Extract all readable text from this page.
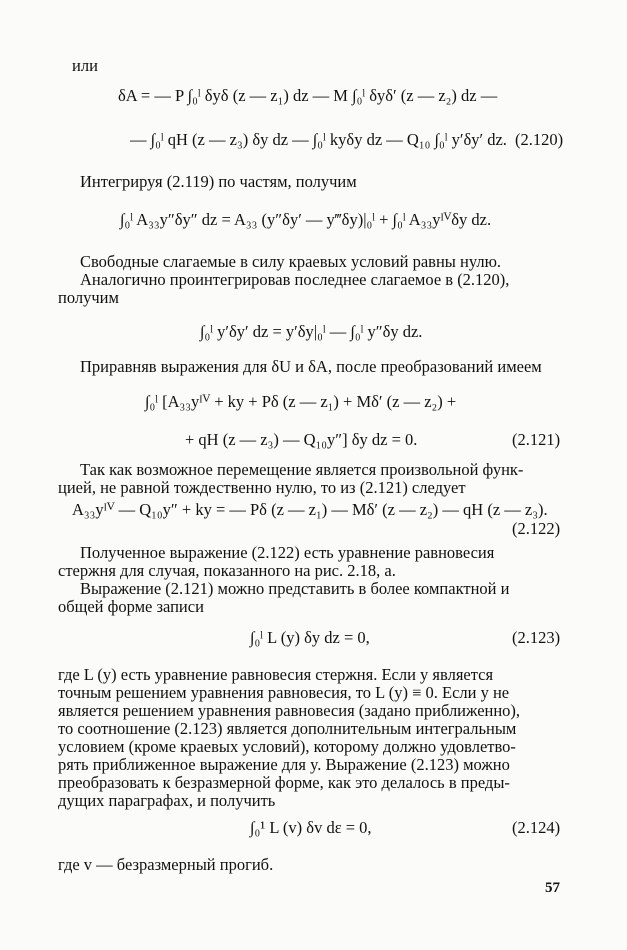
или
δA = — P ∫₀ˡ δyδ (z — z₁) dz — M ∫₀ˡ δyδ′ (z — z₂) dz —
— ∫₀ˡ qH (z — z₃) δy dz — ∫₀ˡ kyδy dz — Q₁₀ ∫₀ˡ y′δy′ dz. (2.120)
Интегрируя (2.119) по частям, получим
∫₀ˡ A₃₃y″δy″ dz = A₃₃ (y″δy′ — y‴δy)|₀ˡ + ∫₀ˡ A₃₃yᴵⱽδy dz.
Свободные слагаемые в силу краевых условий равны нулю.
Аналогично проинтегрировав последнее слагаемое в (2.120),
получим
∫₀ˡ y′δy′ dz = y′δy|₀ˡ — ∫₀ˡ y″δy dz.
Приравняв выражения для δU и δA, после преобразований имеем
∫₀ˡ [A₃₃yᴵⱽ + ky + Pδ (z — z₁) + Mδ′ (z — z₂) +
+ qH (z — z₃) — Q₁₀y″] δy dz = 0.	(2.121)
Так как возможное перемещение является произвольной функ-
цией, не равной тождественно нулю, то из (2.121) следует
A₃₃yᴵⱽ — Q₁₀y″ + ky = — Pδ (z — z₁) — Mδ′ (z — z₂) — qH (z — z₃).
(2.122)
Полученное выражение (2.122) есть уравнение равновесия
стержня для случая, показанного на рис. 2.18, а.
Выражение (2.121) можно представить в более компактной и
общей форме записи
∫₀ˡ L (y) δy dz = 0,	(2.123)
где L (y) есть уравнение равновесия стержня. Если y является
точным решением уравнения равновесия, то L (y) ≡ 0. Если y не
является решением уравнения равновесия (задано приближенно),
то соотношение (2.123) является дополнительным интегральным
условием (кроме краевых условий), которому должно удовлетво-
рять приближенное выражение для y. Выражение (2.123) можно
преобразовать к безразмерной форме, как это делалось в преды-
дущих параграфах, и получить
∫₀¹ L (v) δv dε = 0,	(2.124)
где v — безразмерный прогиб.
57
